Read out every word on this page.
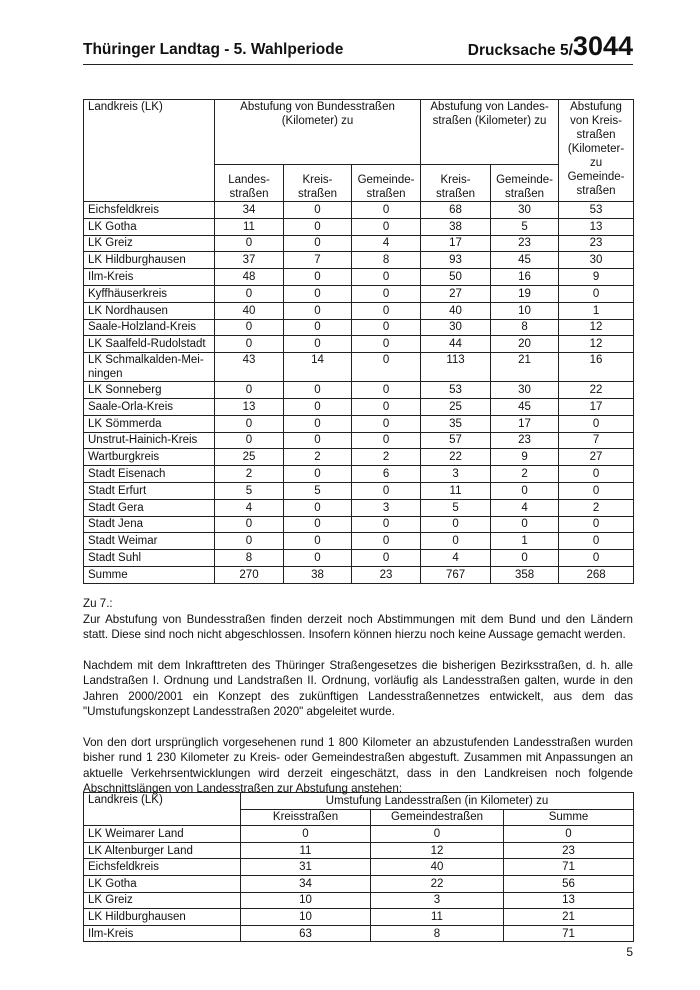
Thüringer Landtag - 5. Wahlperiode	Drucksache 5/3044
Landkreis (LK)	Abstufung von Bundesstraßen (Kilometer) zu			Abstufung von Landes-straßen (Kilometer) zu		Abstufung von Kreis-straßen (Kilometer-zu
Gemeinde-straßen
	Landes-straßen	Kreis-straßen	Gemeinde-straßen	Kreis-straßen	Gemeinde-straßen	
Eichsfeldkreis	34	0	0	68	30	53
LK Gotha	11	0	0	38	5	13
LK Greiz	0	0	4	17	23	23
LK Hildburghausen	37	7	8	93	45	30
Ilm-Kreis	48	0	0	50	16	9
Kyffhäuserkreis	0	0	0	27	19	0
LK Nordhausen	40	0	0	40	10	1
Saale-Holzland-Kreis	0	0	0	30	8	12
LK Saalfeld-Rudolstadt	0	0	0	44	20	12
LK Schmalkalden-Mei-ningen	43	14	0	113	21	16
LK Sonneberg	0	0	0	53	30	22
Saale-Orla-Kreis	13	0	0	25	45	17
LK Sömmerda	0	0	0	35	17	0
Unstrut-Hainich-Kreis	0	0	0	57	23	7
Wartburgkreis	25	2	2	22	9	27
Stadt Eisenach	2	0	6	3	2	0
Stadt Erfurt	5	5	0	11	0	0
Stadt Gera	4	0	3	5	4	2
Stadt Jena	0	0	0	0	0	0
Stadt Weimar	0	0	0	0	1	0
Stadt Suhl	8	0	0	4	0	0
Summe	270	38	23	767	358	268

Zu 7.:

Zur Abstufung von Bundesstraßen finden derzeit noch Abstimmungen mit dem Bund und den Ländern statt. Diese sind noch nicht abgeschlossen. Insofern können hierzu noch keine Aussage gemacht werden.

Nachdem mit dem Inkrafttreten des Thüringer Straßengesetzes die bisherigen Bezirksstraßen, d. h. alle Landstraßen I. Ordnung und Landstraßen II. Ordnung, vorläufig als Landesstraßen galten, wurde in den Jahren 2000/2001 ein Konzept des zukünftigen Landesstraßennetzes entwickelt, aus dem das "Umstufungskonzept Landesstraßen 2020" abgeleitet wurde.

Von den dort ursprünglich vorgesehenen rund 1 800 Kilometer an abzustufenden Landesstraßen wurden bisher rund 1 230 Kilometer zu Kreis- oder Gemeindestraßen abgestuft. Zusammen mit Anpassungen an aktuelle Verkehrsentwicklungen wird derzeit eingeschätzt, dass in den Landkreisen noch folgende Abschnittslängen von Landesstraßen zur Abstufung anstehen:

Landkreis (LK)	Umstufung Landesstraßen (in Kilometer) zu		
	Kreisstraßen	Gemeindestraßen	Summe
LK Weimarer Land	0	0	0
LK Altenburger Land	11	12	23
Eichsfeldkreis	31	40	71
LK Gotha	34	22	56
LK Greiz	10	3	13
LK Hildburghausen	10	11	21
Ilm-Kreis	63	8	71
5
